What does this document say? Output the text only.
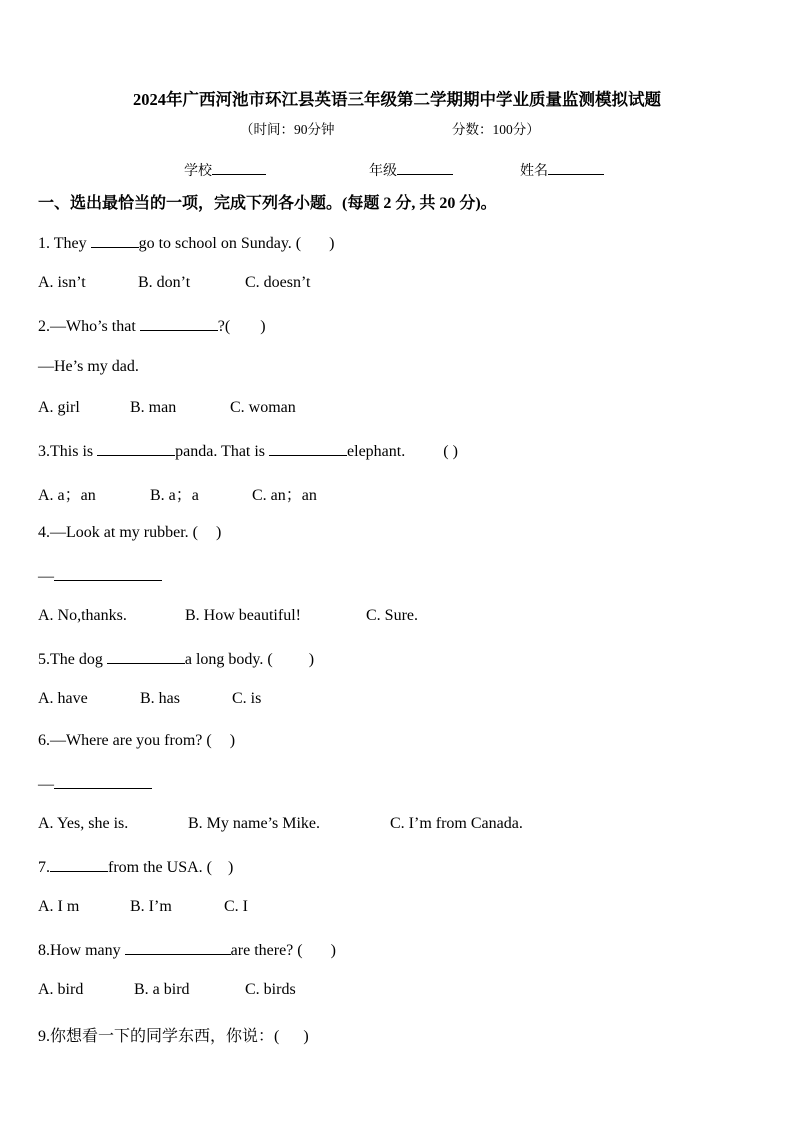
2024年广西河池市环江县英语三年级第二学期期中学业质量监测模拟试题
（时间：90分钟	分数：100分）
学校	年级	姓名
一、选出最恰当的一项，完成下列各小题。(每题 2 分, 共 20 分)。
1. They	go to school on Sunday. ( )
A. isn’t	B. don’t	C. doesn’t
2.—Who’s that	?( )
—He’s my dad.
A. girl	B. man	C. woman
3.This is	panda. That is	elephant. ( )
A. a；an	B. a；a	C. an；an
4.—Look at my rubber. ( )
—
A. No,thanks.	B. How beautiful!	C. Sure.
5.The dog	a long body. ( )
A. have	B. has	C. is
6.—Where are you from? ( )
—
A. Yes, she is.	B. My name’s Mike.	C. I’m from Canada.
7.	from the USA. ( )
A. I m	B. I’m	C. I
8.How many	are there? ( )
A. bird	B. a bird	C. birds
9.你想看一下的同学东西，你说：( )
